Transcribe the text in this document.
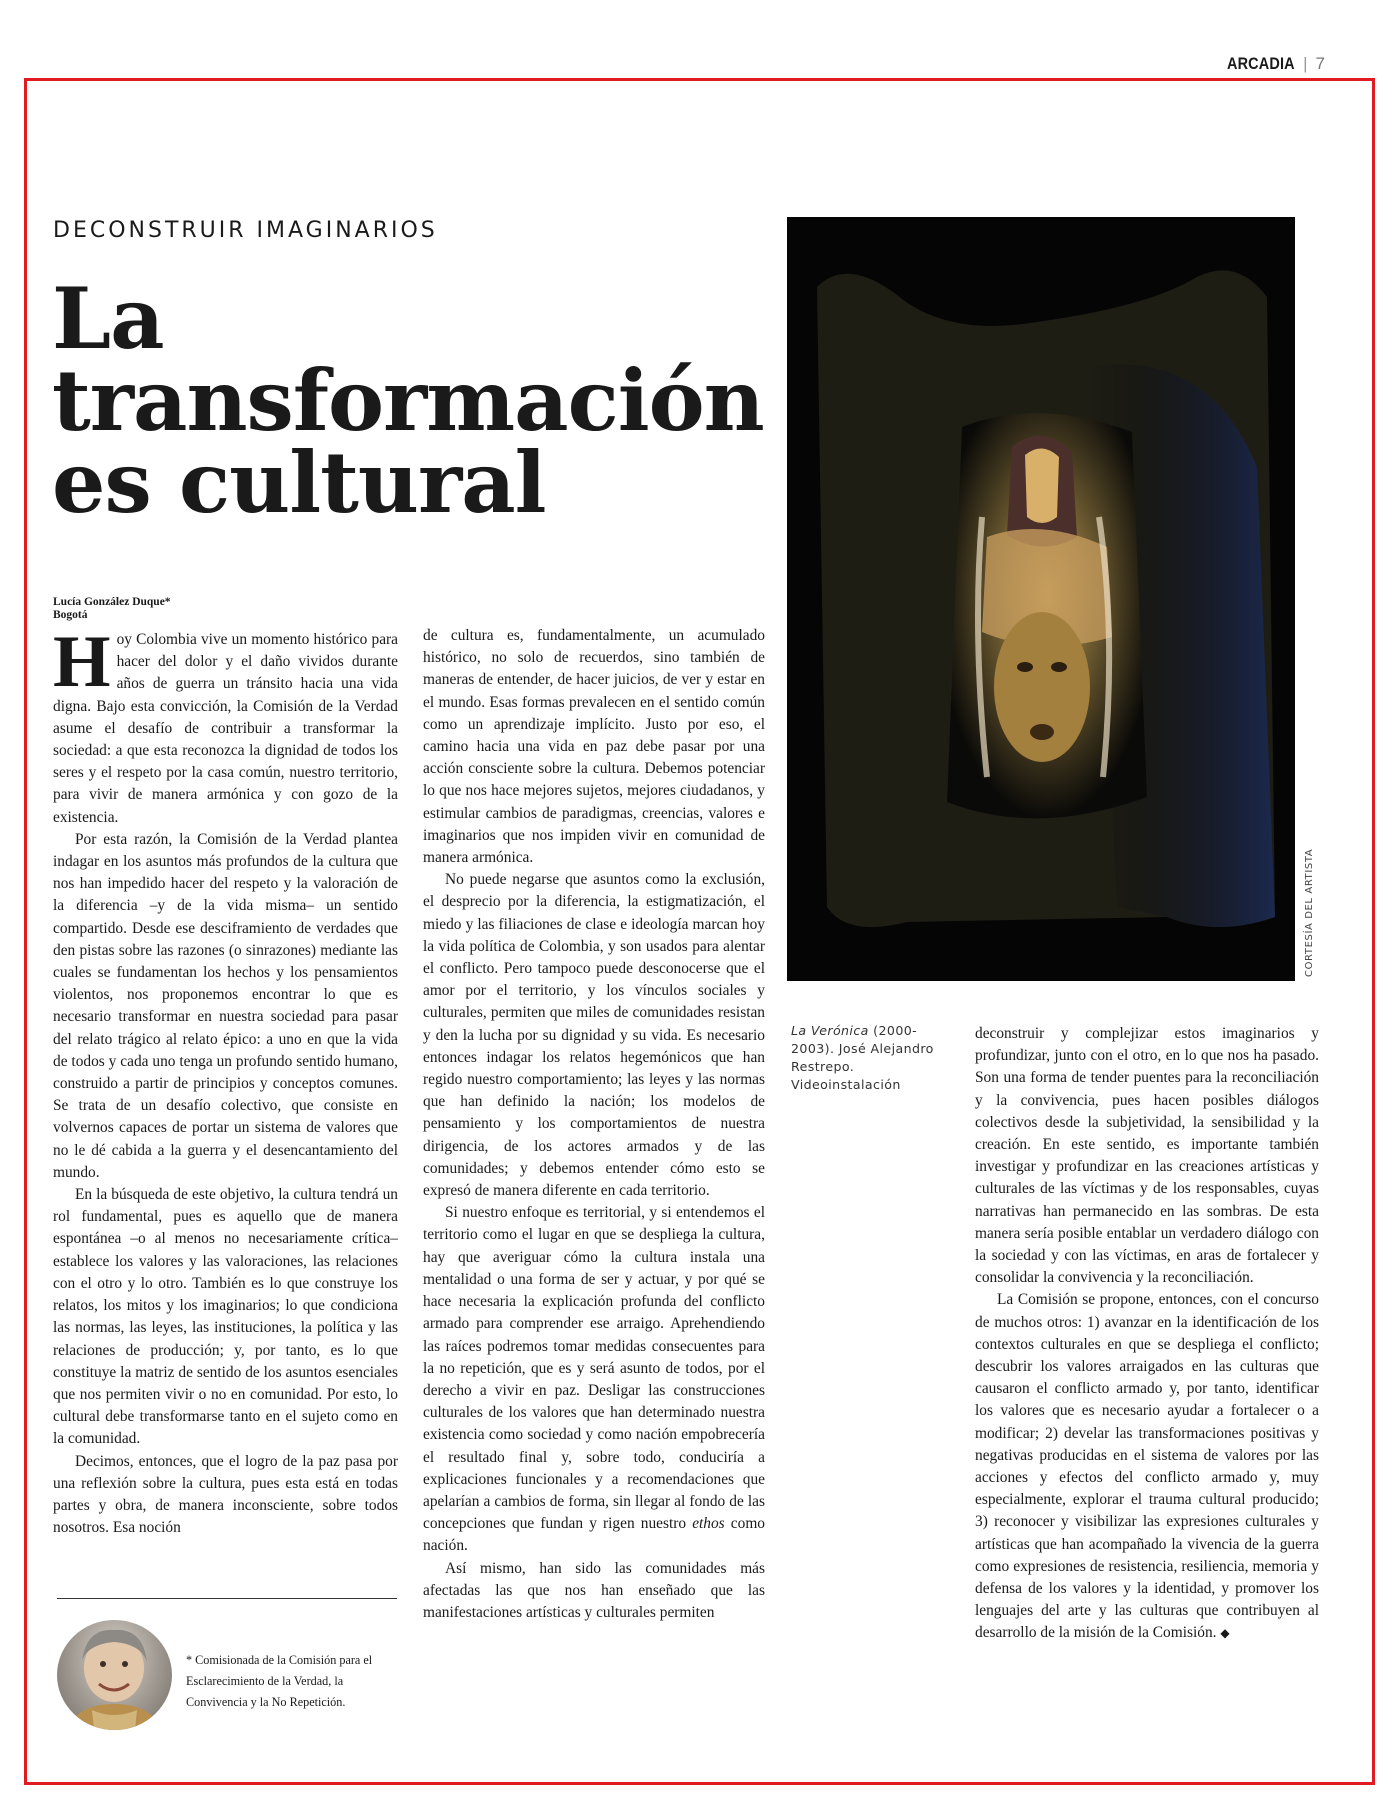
ARCADIA | 7
DECONSTRUIR IMAGINARIOS
La transformación es cultural
Lucía González Duque*
Bogotá

Hoy Colombia vive un momento histórico para hacer del dolor y el daño vividos durante años de guerra un tránsito hacia una vida digna. Bajo esta convicción, la Comisión de la Verdad asume el desafío de contribuir a transformar la sociedad: a que esta reconozca la dignidad de todos los seres y el respeto por la casa común, nuestro territorio, para vivir de manera armónica y con gozo de la existencia.

Por esta razón, la Comisión de la Verdad plantea indagar en los asuntos más profundos de la cultura que nos han impedido hacer del respeto y la valoración de la diferencia –y de la vida misma– un sentido compartido. Desde ese desciframiento de verdades que den pistas sobre las razones (o sinrazones) mediante las cuales se fundamentan los hechos y los pensamientos violentos, nos proponemos encontrar lo que es necesario transformar en nuestra sociedad para pasar del relato trágico al relato épico: a uno en que la vida de todos y cada uno tenga un profundo sentido humano, construido a partir de principios y conceptos comunes. Se trata de un desafío colectivo, que consiste en volvernos capaces de portar un sistema de valores que no le dé cabida a la guerra y el desencantamiento del mundo.

En la búsqueda de este objetivo, la cultura tendrá un rol fundamental, pues es aquello que de manera espontánea –o al menos no necesariamente crítica– establece los valores y las valoraciones, las relaciones con el otro y lo otro. También es lo que construye los relatos, los mitos y los imaginarios; lo que condiciona las normas, las leyes, las instituciones, la política y las relaciones de producción; y, por tanto, es lo que constituye la matriz de sentido de los asuntos esenciales que nos permiten vivir o no en comunidad. Por esto, lo cultural debe transformarse tanto en el sujeto como en la comunidad.

Decimos, entonces, que el logro de la paz pasa por una reflexión sobre la cultura, pues esta está en todas partes y obra, de manera inconsciente, sobre todos nosotros. Esa noción

de cultura es, fundamentalmente, un acumulado histórico, no solo de recuerdos, sino también de maneras de entender, de hacer juicios, de ver y estar en el mundo. Esas formas prevalecen en el sentido común como un aprendizaje implícito. Justo por eso, el camino hacia una vida en paz debe pasar por una acción consciente sobre la cultura. Debemos potenciar lo que nos hace mejores sujetos, mejores ciudadanos, y estimular cambios de paradigmas, creencias, valores e imaginarios que nos impiden vivir en comunidad de manera armónica.

No puede negarse que asuntos como la exclusión, el desprecio por la diferencia, la estigmatización, el miedo y las filiaciones de clase e ideología marcan hoy la vida política de Colombia, y son usados para alentar el conflicto. Pero tampoco puede desconocerse que el amor por el territorio, y los vínculos sociales y culturales, permiten que miles de comunidades resistan y den la lucha por su dignidad y su vida. Es necesario entonces indagar los relatos hegemónicos que han regido nuestro comportamiento; las leyes y las normas que han definido la nación; los modelos de pensamiento y los comportamientos de nuestra dirigencia, de los actores armados y de las comunidades; y debemos entender cómo esto se expresó de manera diferente en cada territorio.

Si nuestro enfoque es territorial, y si entendemos el territorio como el lugar en que se despliega la cultura, hay que averiguar cómo la cultura instala una mentalidad o una forma de ser y actuar, y por qué se hace necesaria la explicación profunda del conflicto armado para comprender ese arraigo. Aprehendiendo las raíces podremos tomar medidas consecuentes para la no repetición, que es y será asunto de todos, por el derecho a vivir en paz. Desligar las construcciones culturales de los valores que han determinado nuestra existencia como sociedad y como nación empobrecería el resultado final y, sobre todo, conduciría a explicaciones funcionales y a recomendaciones que apelarían a cambios de forma, sin llegar al fondo de las concepciones que fundan y rigen nuestro ethos como nación.

Así mismo, han sido las comunidades más afectadas las que nos han enseñado que las manifestaciones artísticas y culturales permiten

deconstruir y complejizar estos imaginarios y profundizar, junto con el otro, en lo que nos ha pasado. Son una forma de tender puentes para la reconciliación y la convivencia, pues hacen posibles diálogos colectivos desde la subjetividad, la sensibilidad y la creación. En este sentido, es importante también investigar y profundizar en las creaciones artísticas y culturales de las víctimas y de los responsables, cuyas narrativas han permanecido en las sombras. De esta manera sería posible entablar un verdadero diálogo con la sociedad y con las víctimas, en aras de fortalecer y consolidar la convivencia y la reconciliación.

La Comisión se propone, entonces, con el concurso de muchos otros: 1) avanzar en la identificación de los contextos culturales en que se despliega el conflicto; descubrir los valores arraigados en las culturas que causaron el conflicto armado y, por tanto, identificar los valores que es necesario ayudar a fortalecer o a modificar; 2) develar las transformaciones positivas y negativas producidas en el sistema de valores por las acciones y efectos del conflicto armado y, muy especialmente, explorar el trauma cultural producido; 3) reconocer y visibilizar las expresiones culturales y artísticas que han acompañado la vivencia de la guerra como expresiones de resistencia, resiliencia, memoria y defensa de los valores y la identidad, y promover los lenguajes del arte y las culturas que contribuyen al desarrollo de la misión de la Comisión. ◆

* Comisionada de la Comisión para el Esclarecimiento de la Verdad, la Convivencia y la No Repetición.
CORTESÍA DEL ARTISTA
La Verónica (2000-2003). José Alejandro Restrepo. Videoinstalación
